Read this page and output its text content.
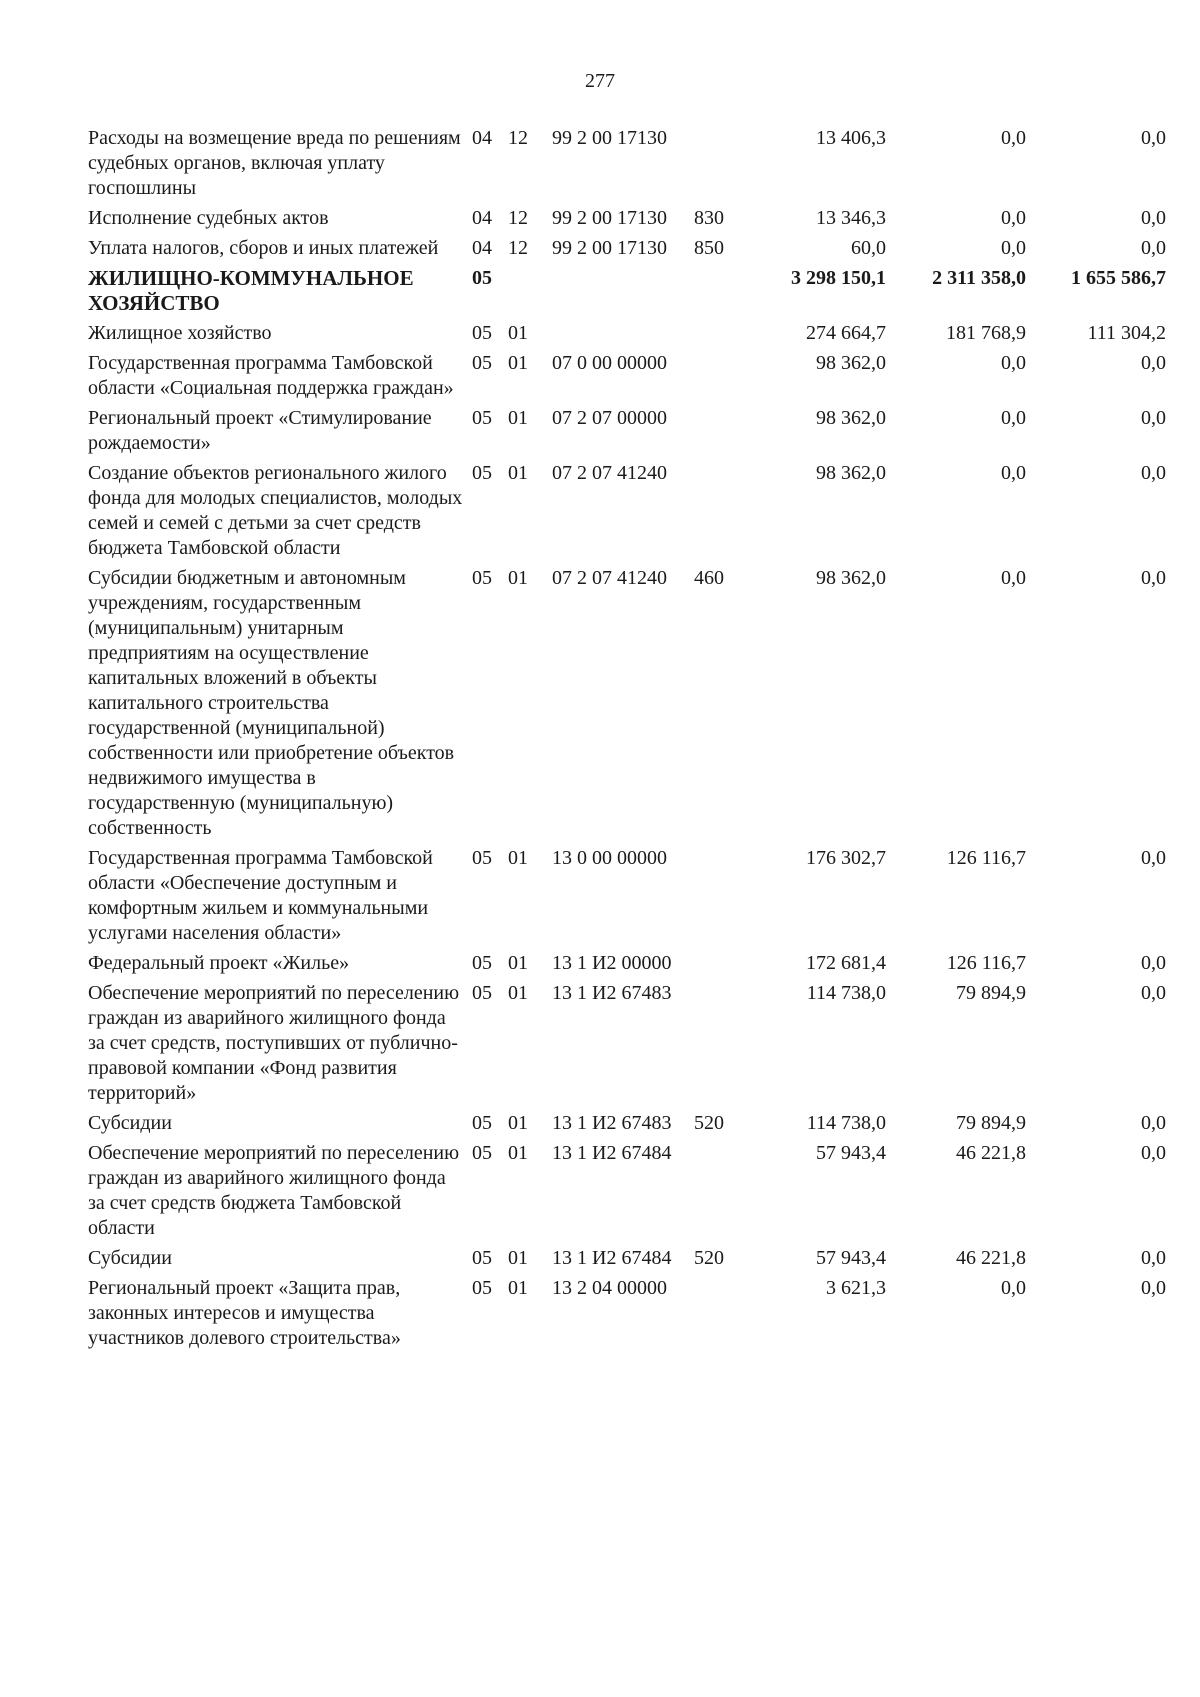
277
Расходы на возмещение вреда по решениям судебных органов, включая уплату госпошлины	04	12	99 2 00 17130		13 406,3	0,0	0,0
Исполнение судебных актов	04	12	99 2 00 17130	830	13 346,3	0,0	0,0
Уплата налогов, сборов и иных платежей	04	12	99 2 00 17130	850	60,0	0,0	0,0
ЖИЛИЩНО-КОММУНАЛЬНОЕ ХОЗЯЙСТВО	05				3 298 150,1	2 311 358,0	1 655 586,7
Жилищное хозяйство	05	01			274 664,7	181 768,9	111 304,2
Государственная программа Тамбовской области «Социальная поддержка граждан»	05	01	07 0 00 00000		98 362,0	0,0	0,0
Региональный проект «Стимулирование рождаемости»	05	01	07 2 07 00000		98 362,0	0,0	0,0
Создание объектов регионального жилого фонда для молодых специалистов, молодых семей и семей с детьми за счет средств бюджета Тамбовской области	05	01	07 2 07 41240		98 362,0	0,0	0,0
Субсидии бюджетным и автономным учреждениям, государственным (муниципальным) унитарным предприятиям на осуществление капитальных вложений в объекты капитального строительства государственной (муниципальной) собственности или приобретение объектов недвижимого имущества в государственную (муниципальную) собственность	05	01	07 2 07 41240	460	98 362,0	0,0	0,0
Государственная программа Тамбовской области «Обеспечение доступным и комфортным жильем и коммунальными услугами населения области»	05	01	13 0 00 00000		176 302,7	126 116,7	0,0
Федеральный проект «Жилье»	05	01	13 1 И2 00000		172 681,4	126 116,7	0,0
Обеспечение мероприятий по переселению граждан из аварийного жилищного фонда за счет средств, поступивших от публично-правовой компании «Фонд развития территорий»	05	01	13 1 И2 67483		114 738,0	79 894,9	0,0
Субсидии	05	01	13 1 И2 67483	520	114 738,0	79 894,9	0,0
Обеспечение мероприятий по переселению граждан из аварийного жилищного фонда за счет средств бюджета Тамбовской области	05	01	13 1 И2 67484		57 943,4	46 221,8	0,0
Субсидии	05	01	13 1 И2 67484	520	57 943,4	46 221,8	0,0
Региональный проект «Защита прав, законных интересов и имущества участников долевого строительства»	05	01	13 2 04 00000		3 621,3	0,0	0,0
